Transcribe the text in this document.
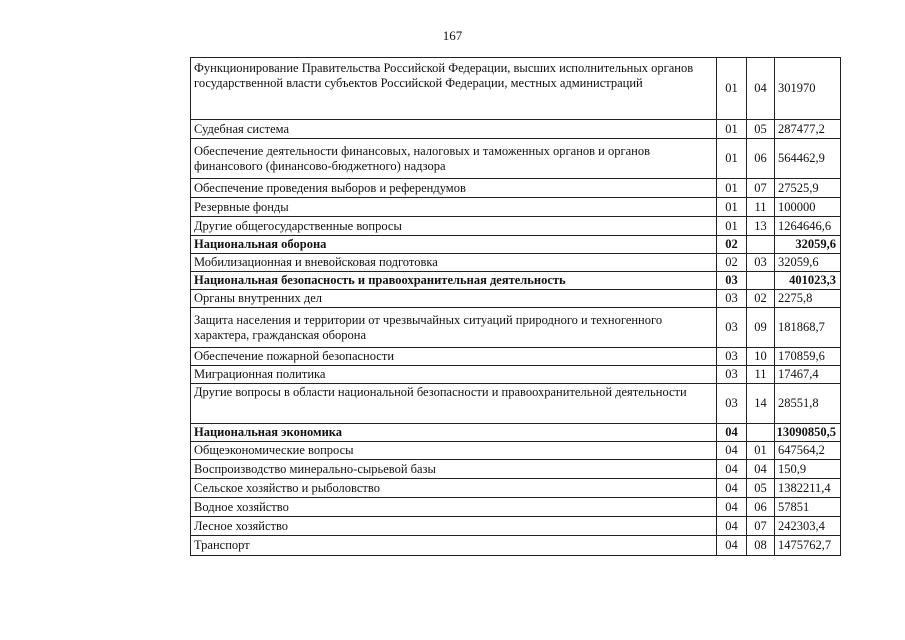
167
Функционирование Правительства Российской Федерации, высших исполнительных органов государственной власти субъектов Российской Федерации, местных администраций	01	04	301970
Судебная система	01	05	287477,2
Обеспечение деятельности финансовых, налоговых и таможенных органов и органов финансового (финансово-бюджетного) надзора	01	06	564462,9
Обеспечение проведения выборов и референдумов	01	07	27525,9
Резервные фонды	01	11	100000
Другие общегосударственные вопросы	01	13	1264646,6
Национальная оборона	02		32059,6
Мобилизационная и вневойсковая подготовка	02	03	32059,6
Национальная безопасность и правоохранительная деятельность	03		401023,3
Органы внутренних дел	03	02	2275,8
Защита населения и территории от чрезвычайных ситуаций природного и техногенного характера, гражданская оборона	03	09	181868,7
Обеспечение пожарной безопасности	03	10	170859,6
Миграционная политика	03	11	17467,4
Другие вопросы в области национальной безопасности и правоохранительной деятельности	03	14	28551,8
Национальная экономика	04		13090850,5
Общеэкономические вопросы	04	01	647564,2
Воспроизводство минерально-сырьевой базы	04	04	150,9
Сельское хозяйство и рыболовство	04	05	1382211,4
Водное хозяйство	04	06	57851
Лесное хозяйство	04	07	242303,4
Транспорт	04	08	1475762,7
